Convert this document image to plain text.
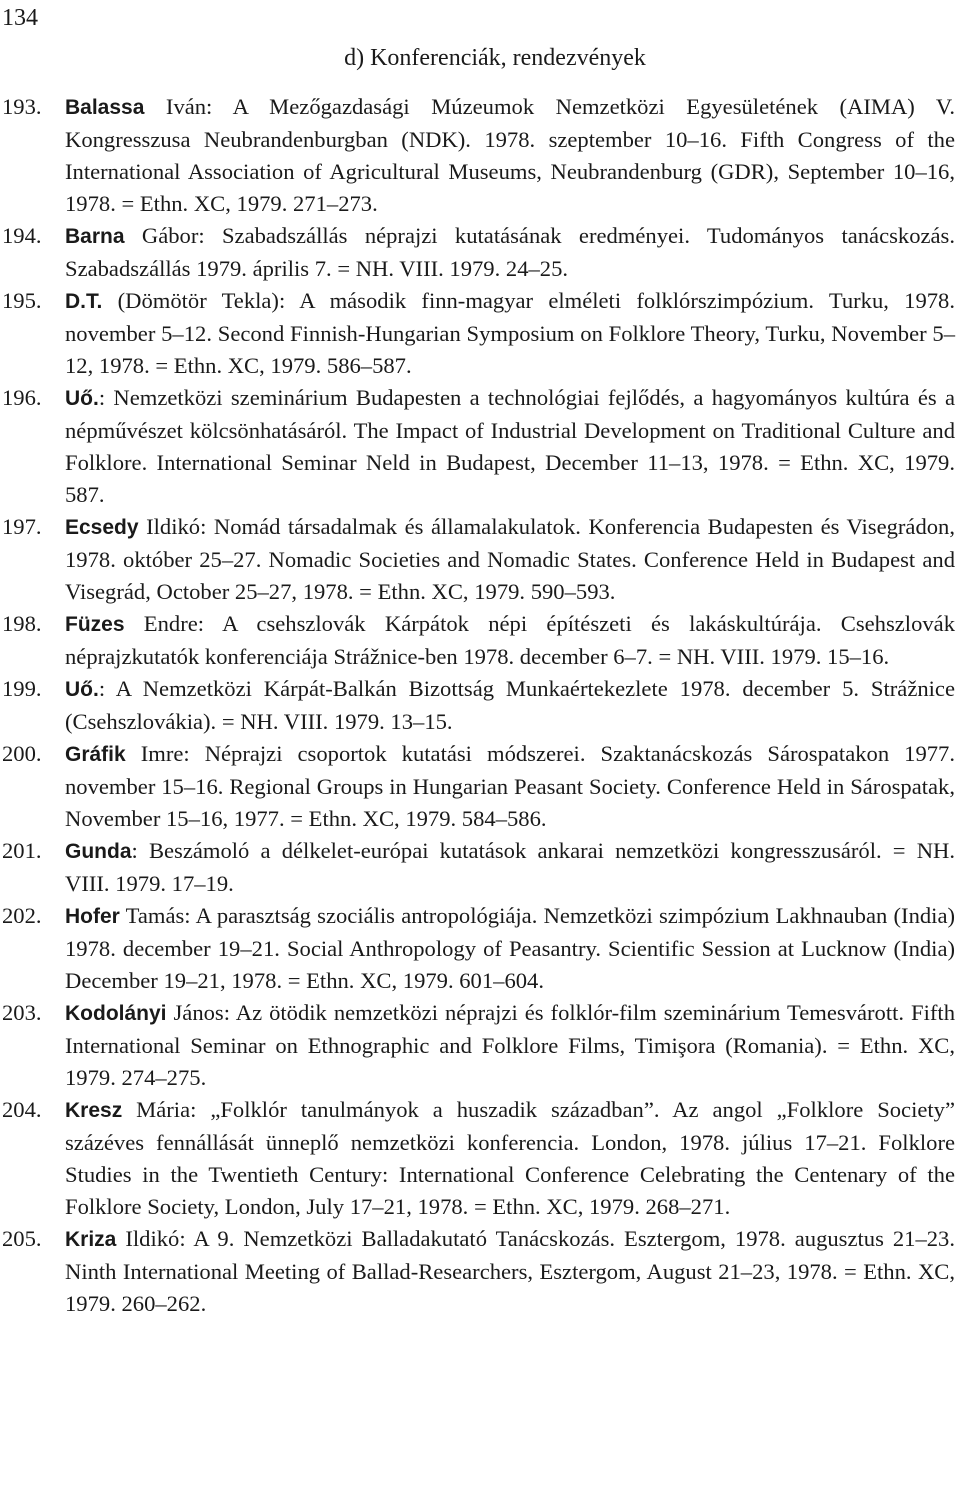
134
d) Konferenciák, rendezvények
193. Balassa Iván: A Mezőgazdasági Múzeumok Nemzetközi Egyesületének (AIMA) V. Kongresszusa Neubrandenburgban (NDK). 1978. szeptember 10–16. Fifth Congress of the International Association of Agricultural Museums, Neubrandenburg (GDR), September 10–16, 1978. = Ethn. XC, 1979. 271–273.
194. Barna Gábor: Szabadszállás néprajzi kutatásának eredményei. Tudományos tanácskozás. Szabadszállás 1979. április 7. = NH. VIII. 1979. 24–25.
195. D.T. (Dömötör Tekla): A második finn-magyar elméleti folklórszimpózium. Turku, 1978. november 5–12. Second Finnish-Hungarian Symposium on Folklore Theory, Turku, November 5–12, 1978. = Ethn. XC, 1979. 586–587.
196. Uő.: Nemzetközi szeminárium Budapesten a technológiai fejlődés, a hagyományos kultúra és a népművészet kölcsönhatásáról. The Impact of Industrial Development on Traditional Culture and Folklore. International Seminar Neld in Budapest, December 11–13, 1978. = Ethn. XC, 1979. 587.
197. Ecsedy Ildikó: Nomád társadalmak és államalakulatok. Konferencia Budapesten és Visegrádon, 1978. október 25–27. Nomadic Societies and Nomadic States. Conference Held in Budapest and Visegrád, October 25–27, 1978. = Ethn. XC, 1979. 590–593.
198. Füzes Endre: A csehszlovák Kárpátok népi építészeti és lakáskultúrája. Csehszlovák néprajzkutatók konferenciája Strážnice-ben 1978. december 6–7. = NH. VIII. 1979. 15–16.
199. Uő.: A Nemzetközi Kárpát-Balkán Bizottság Munkaértekezlete 1978. december 5. Strážnice (Csehszlovákia). = NH. VIII. 1979. 13–15.
200. Gráfik Imre: Néprajzi csoportok kutatási módszerei. Szaktanácskozás Sárospatakon 1977. november 15–16. Regional Groups in Hungarian Peasant Society. Conference Held in Sárospatak, November 15–16, 1977. = Ethn. XC, 1979. 584–586.
201. Gunda: Beszámoló a délkelet-európai kutatások ankarai nemzetközi kongresszusáról. = NH. VIII. 1979. 17–19.
202. Hofer Tamás: A parasztság szociális antropológiája. Nemzetközi szimpózium Lakhnauban (India) 1978. december 19–21. Social Anthropology of Peasantry. Scientific Session at Lucknow (India) December 19–21, 1978. = Ethn. XC, 1979. 601–604.
203. Kodolányi János: Az ötödik nemzetközi néprajzi és folklór-film szeminárium Temesvárott. Fifth International Seminar on Ethnographic and Folklore Films, Timişora (Romania). = Ethn. XC, 1979. 274–275.
204. Kresz Mária: „Folklór tanulmányok a huszadik században”. Az angol „Folklore Society” százéves fennállását ünneplő nemzetközi konferencia. London, 1978. július 17–21. Folklore Studies in the Twentieth Century: International Conference Celebrating the Centenary of the Folklore Society, London, July 17–21, 1978. = Ethn. XC, 1979. 268–271.
205. Kriza Ildikó: A 9. Nemzetközi Balladakutató Tanácskozás. Esztergom, 1978. augusztus 21–23. Ninth International Meeting of Ballad-Researchers, Esztergom, August 21–23, 1978. = Ethn. XC, 1979. 260–262.
